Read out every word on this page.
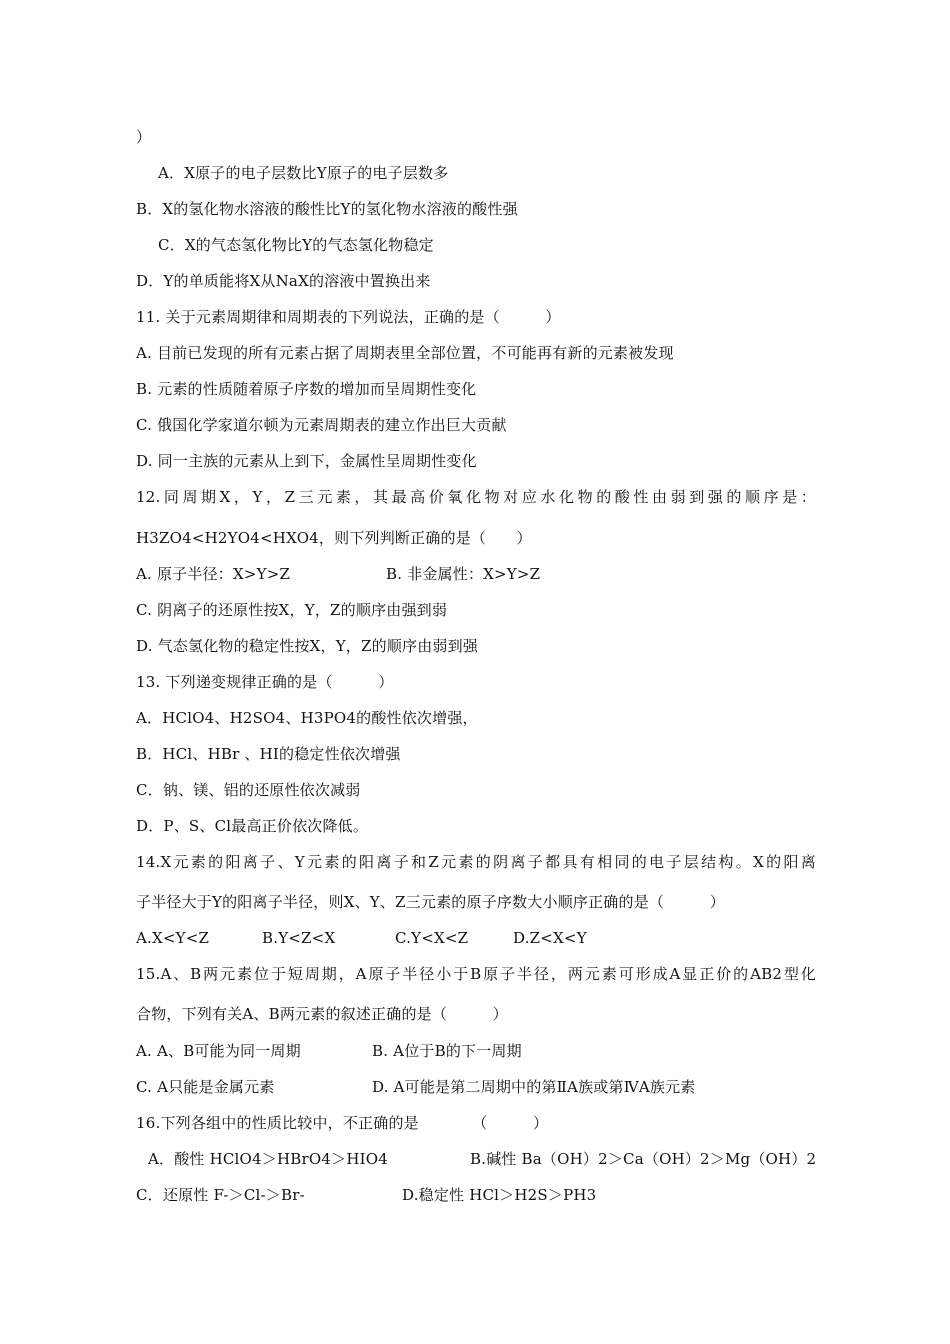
）
A．X原子的电子层数比Y原子的电子层数多
B．X的氢化物水溶液的酸性比Y的氢化物水溶液的酸性强
C．X的气态氢化物比Y的气态氢化物稳定
D．Y的单质能将X从NaX的溶液中置换出来
11. 关于元素周期律和周期表的下列说法，正确的是（　　　）
A. 目前已发现的所有元素占据了周期表里全部位置，不可能再有新的元素被发现
B. 元素的性质随着原子序数的增加而呈周期性变化
C. 俄国化学家道尔顿为元素周期表的建立作出巨大贡献
D. 同一主族的元素从上到下，金属性呈周期性变化
12.同周期X，Y，Z三元素，其最高价氧化物对应水化物的酸性由弱到强的顺序是：
H3ZO4<H2YO4<HXO4，则下列判断正确的是（　　）
A. 原子半径：X>Y>Z	B. 非金属性：X>Y>Z
C. 阴离子的还原性按X，Y，Z的顺序由强到弱
D. 气态氢化物的稳定性按X，Y，Z的顺序由弱到强
13. 下列递变规律正确的是（　　　）
A．HClO4、H2SO4、H3PO4的酸性依次增强，
B．HCl、HBr 、HI的稳定性依次增强
C．钠、镁、铝的还原性依次减弱
D．P、S、Cl最高正价依次降低。
14.X元素的阳离子、Y元素的阳离子和Z元素的阴离子都具有相同的电子层结构。X的阳离
子半径大于Y的阳离子半径，则X、Y、Z三元素的原子序数大小顺序正确的是（　　　）
A.X<Y<Z	B.Y<Z<X	C.Y<X<Z	D.Z<X<Y
15.A、B两元素位于短周期，A原子半径小于B原子半径，两元素可形成A显正价的AB2型化
合物，下列有关A、B两元素的叙述正确的是（　　　）
A. A、B可能为同一周期	B. A位于B的下一周期
C. A只能是金属元素	D. A可能是第二周期中的第ⅡA族或第ⅣA族元素
16.下列各组中的性质比较中，不正确的是　　　　（　　　）
A．酸性 HClO4＞HBrO4＞HIO4	B.碱性 Ba（OH）2＞Ca（OH）2＞Mg（OH）2
C．还原性 F-＞Cl-＞Br-	D.稳定性 HCl＞H2S＞PH3
